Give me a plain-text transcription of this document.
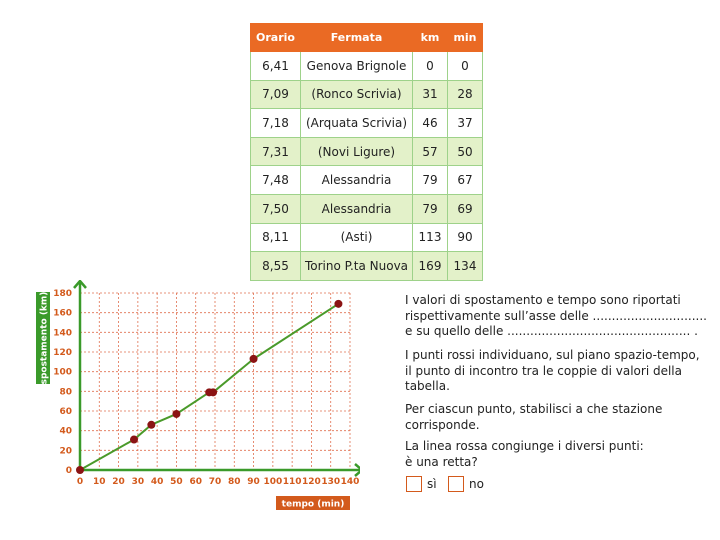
Orario	Fermata	km	min
6,41	Genova Brignole	0	0
7,09	(Ronco Scrivia)	31	28
7,18	(Arquata Scrivia)	46	37
7,31	(Novi Ligure)	57	50
7,48	Alessandria	79	67
7,50	Alessandria	79	69
8,11	(Asti)	113	90
8,55	Torino P.ta Nuova	169	134
0 10 20 30 40 50 60 70 80 90 100 110 120 130 140
0
20
40
60
80
100
120
140
160
180
tempo (min)
spostamento (km)	I valori di spostamento e tempo sono riportati
rispettivamente sull’asse delle ..............................
e su quello delle ................................................ .
I punti rossi individuano, sul piano spazio-tempo,
il punto di incontro tra le coppie di valori della
tabella.
Per ciascun punto, stabilisci a che stazione
corrisponde.
La linea rossa congiunge i diversi punti:
è una retta?
sì	no
